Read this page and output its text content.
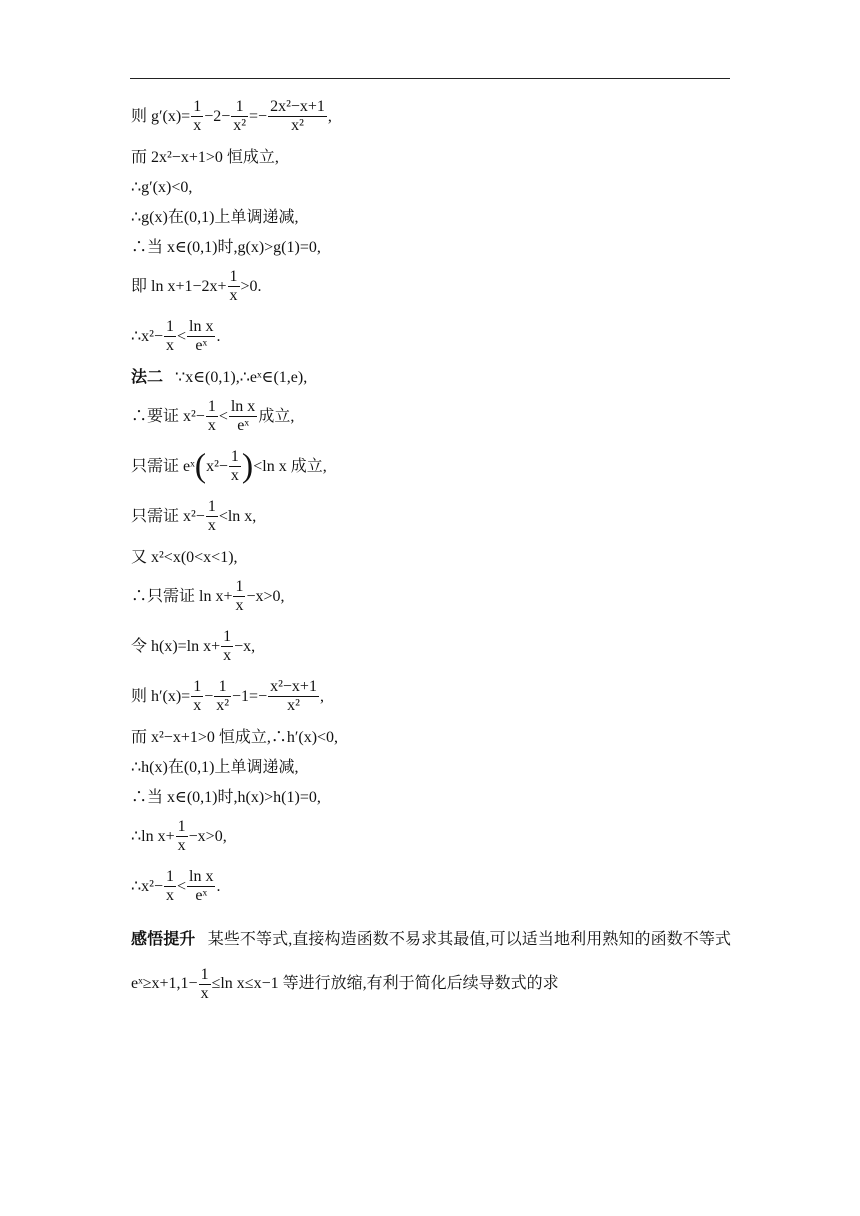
则 $g'(x)= \frac{1}{x} -2- \frac{1}{\text{x²}} =- \frac{\text{2x²−x+1}}{\text{x²}}$ ,
而 2x²−x+1>0 恒成立,
∴g′(x)<0,
∴g(x)在(0,1)上单调递减,
∴当 x∈(0,1)时,g(x)>g(1)=0,
即 $\ln x+1-2x+ \frac{1}{x} >0$.
∴x²− $\frac{1}{x} < \frac{\text{ln x}}{\text{eˣ}}$ .
法二 ∵x∈(0,1),∴eˣ∈(1,e),
∴要证 $x^2- \frac{1}{x} < \frac{\text{ln x}}{\text{eˣ}}$ 成立,
只需证 eˣ(x²− $\frac{1}{x} )<\ln$ x 成立,
只需证 $x^2- \frac{1}{x} <\ln$ x,
又 x²<x(0<x<1),
∴只需证 $\ln x+ \frac{1}{x} -x>0$,
令 h(x)=ln $x+ \frac{1}{x} -x$,
则 $h'(x)= \frac{1}{x} - \frac{1}{\text{x²}} -1=- \frac{\text{x²−x+1}}{\text{x²}}$ ,
而 x²−x+1>0 恒成立,∴h′(x)<0,
∴h(x)在(0,1)上单调递减,
∴当 x∈(0,1)时,h(x)>h(1)=0,
∴ln $x+ \frac{1}{x} -x>0$,
∴x²− $\frac{1}{x} < \frac{\text{ln x}}{\text{eˣ}}$ .
感悟提升 某些不等式,直接构造函数不易求其最值,可以适当地利用熟知的函数不等式 eˣ≥x+1,1− $\frac{1}{x} \le\ln$ x≤x−1 等进行放缩,有利于简化后续导数式的求
